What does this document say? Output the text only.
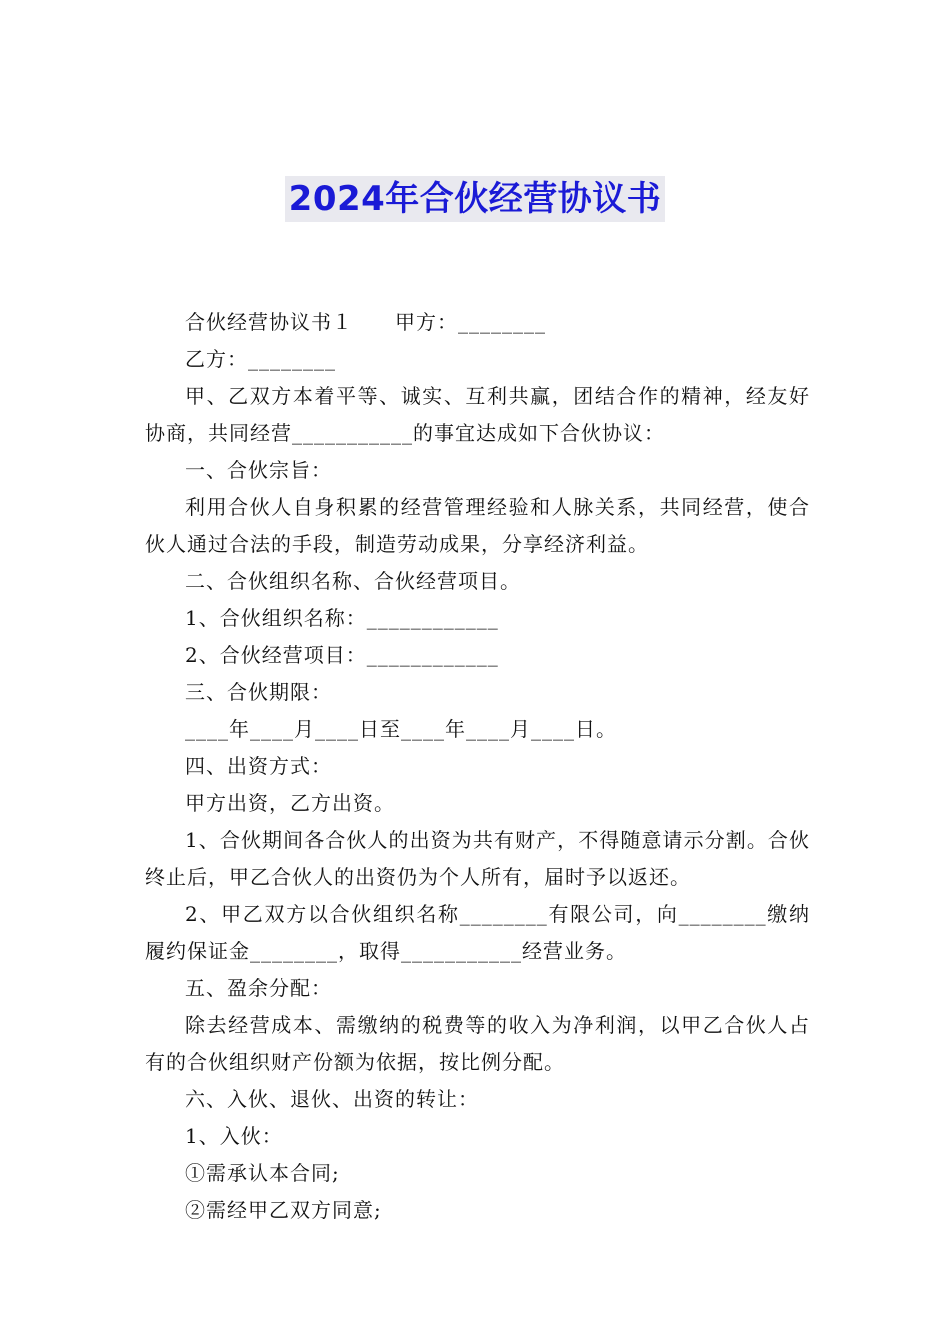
2024年合伙经营协议书

合伙经营协议书１　　甲方：________

乙方：________

甲、乙双方本着平等、诚实、互利共赢，团结合作的精神，经友好协商，共同经营___________的事宜达成如下合伙协议：

一、合伙宗旨：

利用合伙人自身积累的经营管理经验和人脉关系，共同经营，使合伙人通过合法的手段，制造劳动成果，分享经济利益。

二、合伙组织名称、合伙经营项目。

1、合伙组织名称：____________

2、合伙经营项目：____________

三、合伙期限：

____年____月____日至____年____月____日。

四、出资方式：

甲方出资，乙方出资。

1、合伙期间各合伙人的出资为共有财产，不得随意请示分割。合伙终止后，甲乙合伙人的出资仍为个人所有，届时予以返还。

2、甲乙双方以合伙组织名称________有限公司，向________缴纳履约保证金________，取得___________经营业务。

五、盈余分配：

除去经营成本、需缴纳的税费等的收入为净利润，以甲乙合伙人占有的合伙组织财产份额为依据，按比例分配。

六、入伙、退伙、出资的转让：

1、入伙：

①需承认本合同;

②需经甲乙双方同意;
